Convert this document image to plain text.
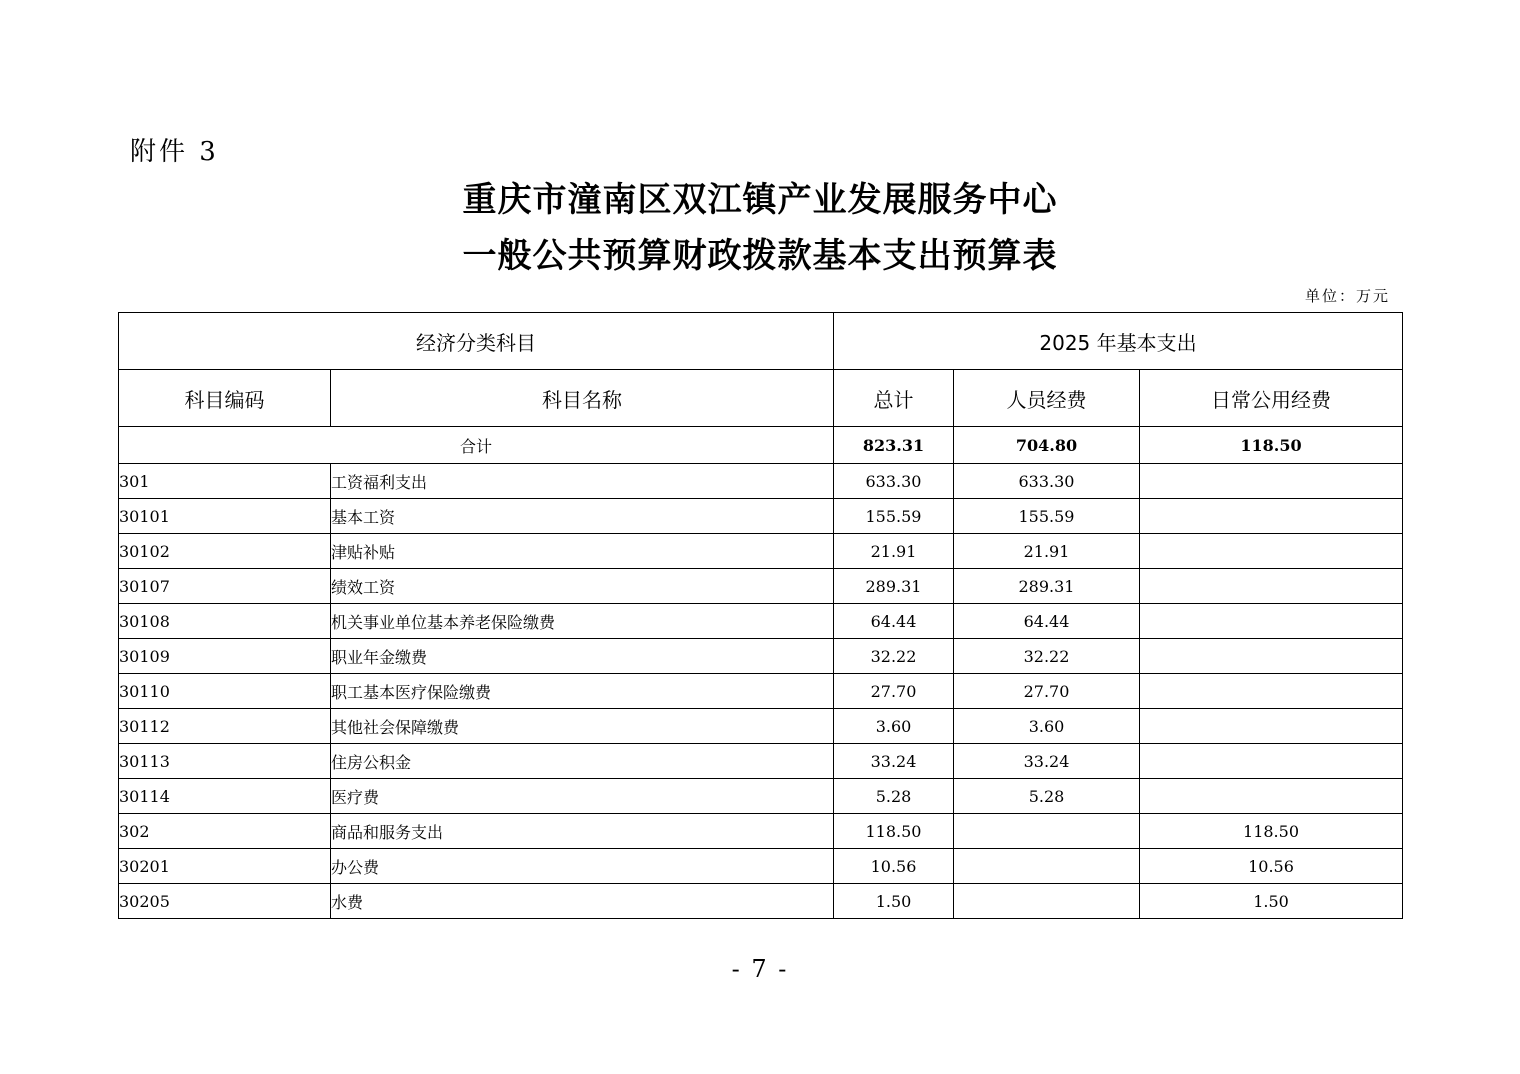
附件 3
重庆市潼南区双江镇产业发展服务中心
一般公共预算财政拨款基本支出预算表
单位：万元
经济分类科目		2025 年基本支出		
科目编码	科目名称	总计	人员经费	日常公用经费
合计		823.31	704.80	118.50
301	工资福利支出	633.30	633.30	
30101	基本工资	155.59	155.59	
30102	津贴补贴	21.91	21.91	
30107	绩效工资	289.31	289.31	
30108	机关事业单位基本养老保险缴费	64.44	64.44	
30109	职业年金缴费	32.22	32.22	
30110	职工基本医疗保险缴费	27.70	27.70	
30112	其他社会保障缴费	3.60	3.60	
30113	住房公积金	33.24	33.24	
30114	医疗费	5.28	5.28	
302	商品和服务支出	118.50		118.50
30201	办公费	10.56		10.56
30205	水费	1.50		1.50
- 7 -
